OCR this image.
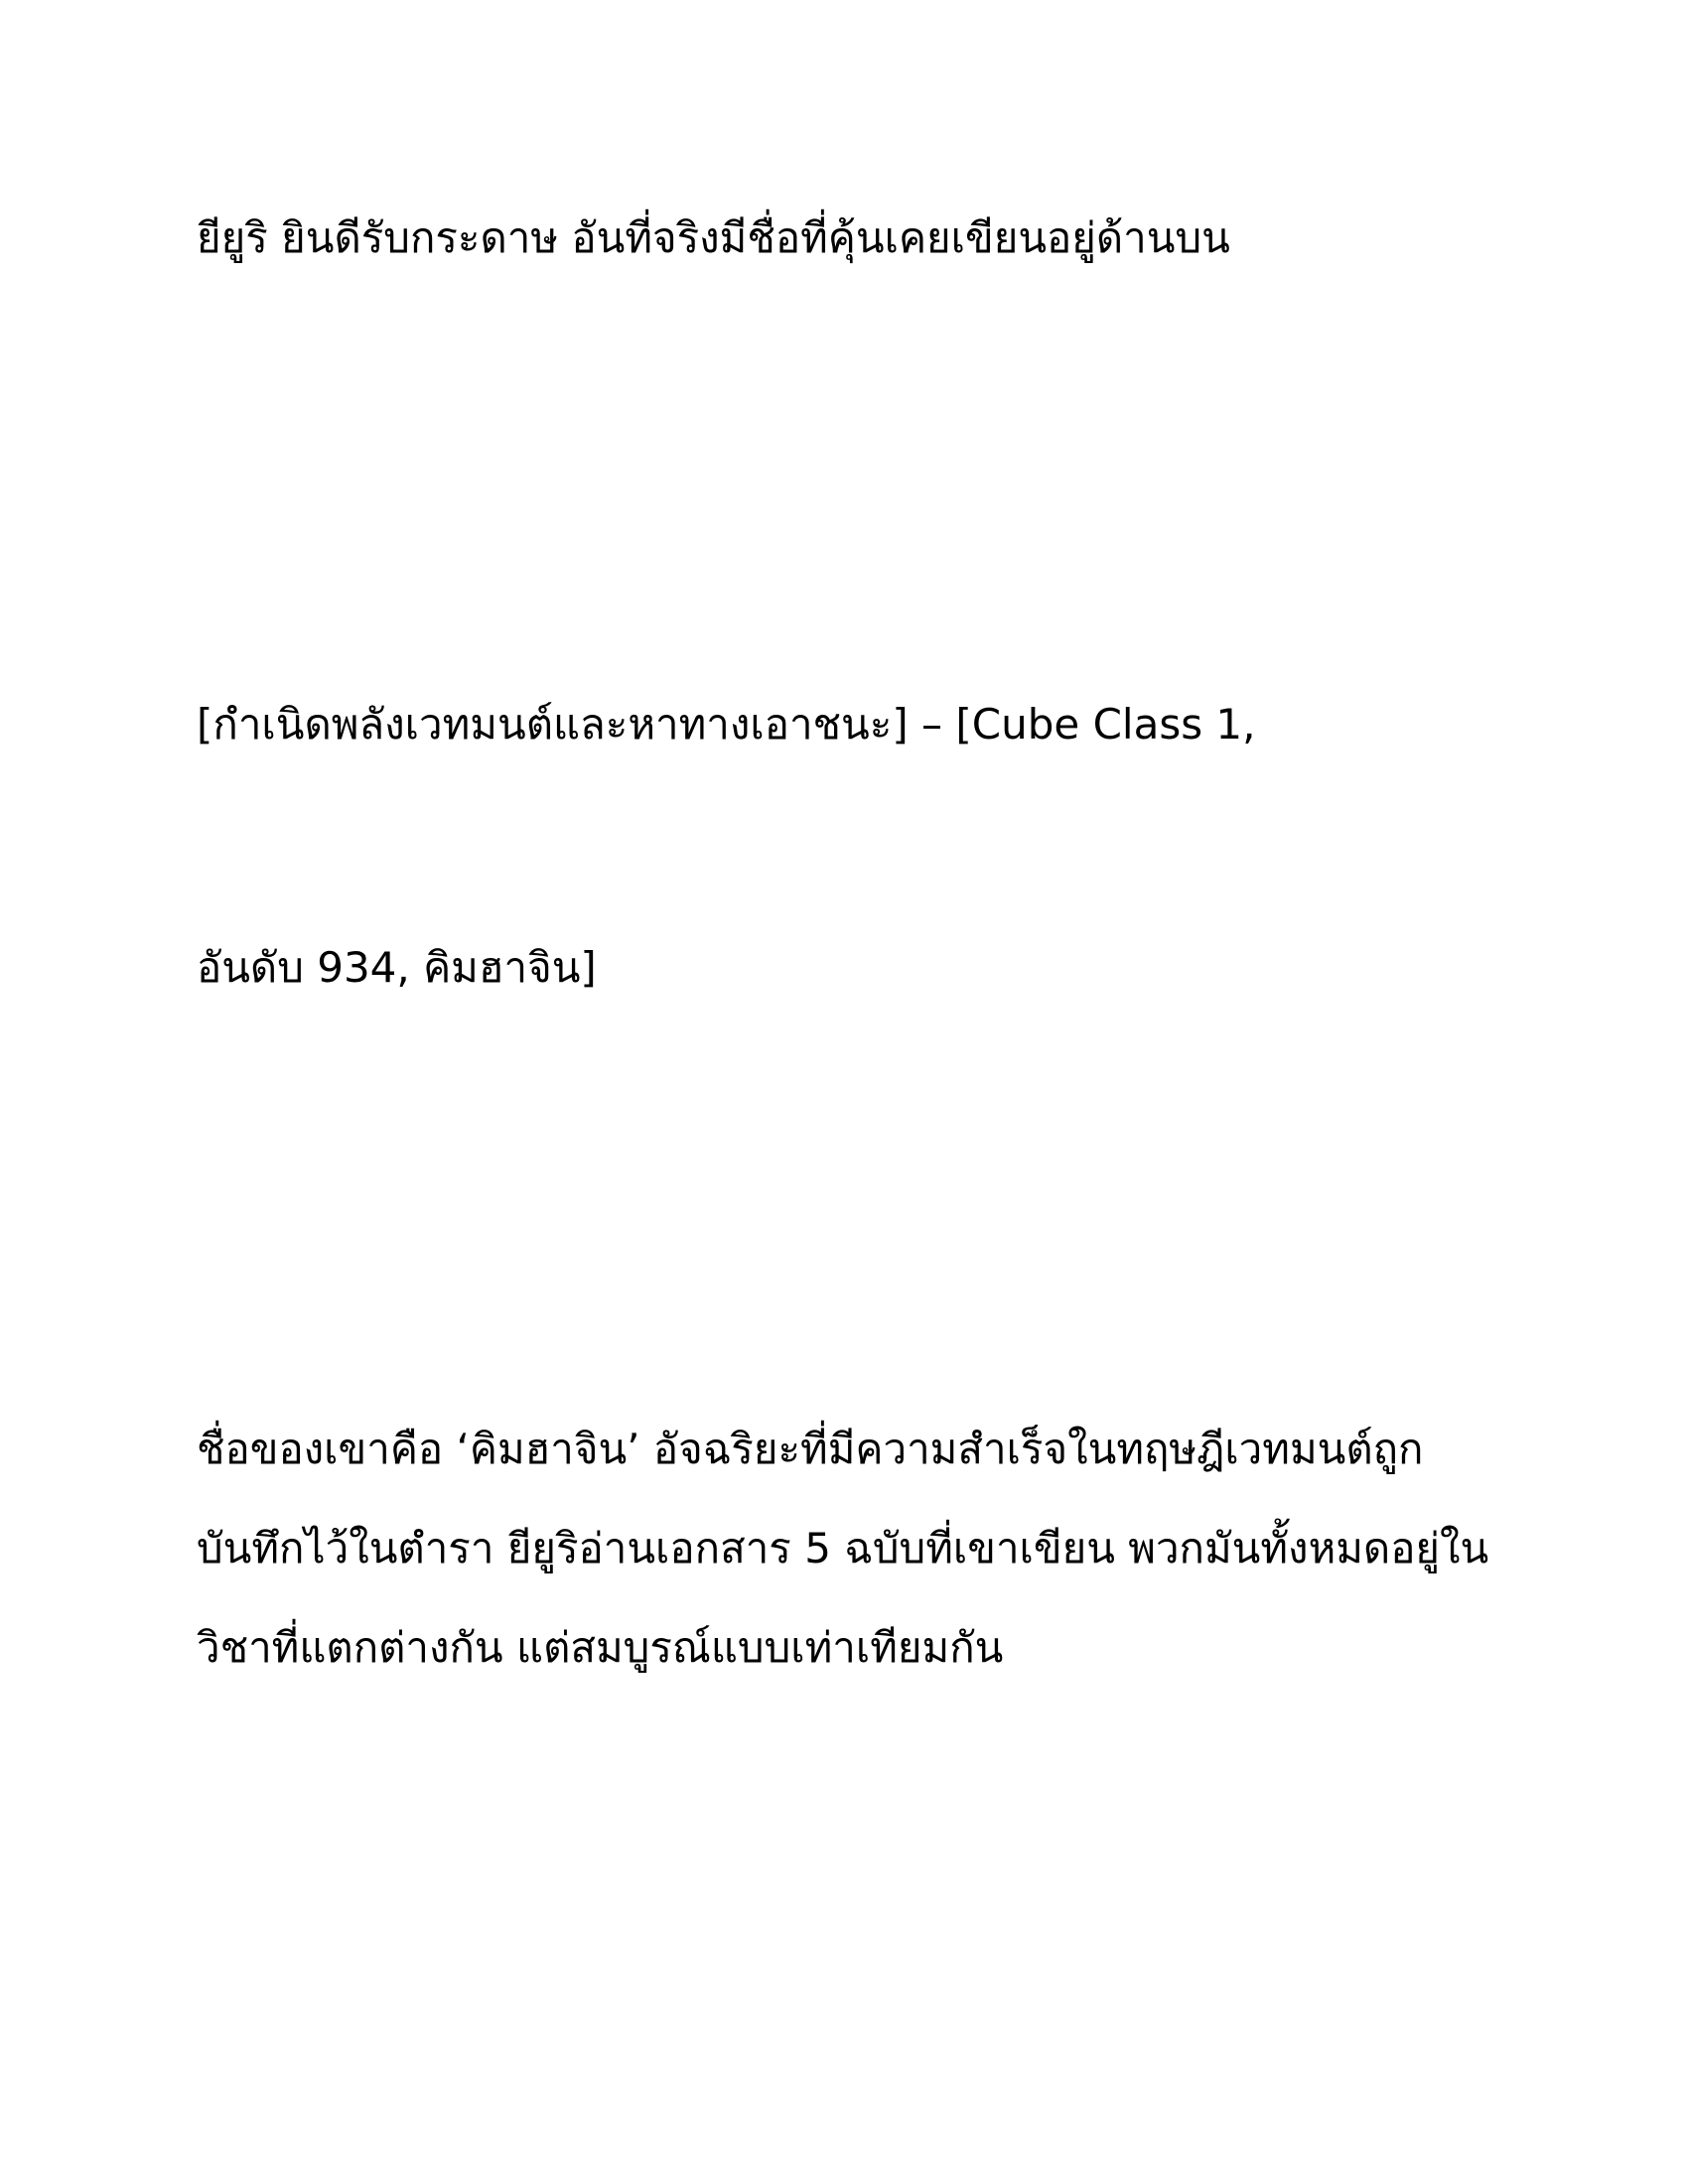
ยียูริ ยินดีรับกระดาษ อันที่จริงมีชื่อที่คุ้นเคยเขียนอยู่ด้านบน

[กำเนิดพลังเวทมนต์และหาทางเอาชนะ] – [Cube Class 1,

อันดับ 934, คิมฮาจิน]

ชื่อของเขาคือ ‘คิมฮาจิน’ อัจฉริยะที่มีความสำเร็จในทฤษฎีเวทมนต์ถูก

บันทึกไว้ในตำรา ยียูริอ่านเอกสาร 5 ฉบับที่เขาเขียน พวกมันทั้งหมดอยู่ใน

วิชาที่แตกต่างกัน แต่สมบูรณ์แบบเท่าเทียมกัน
